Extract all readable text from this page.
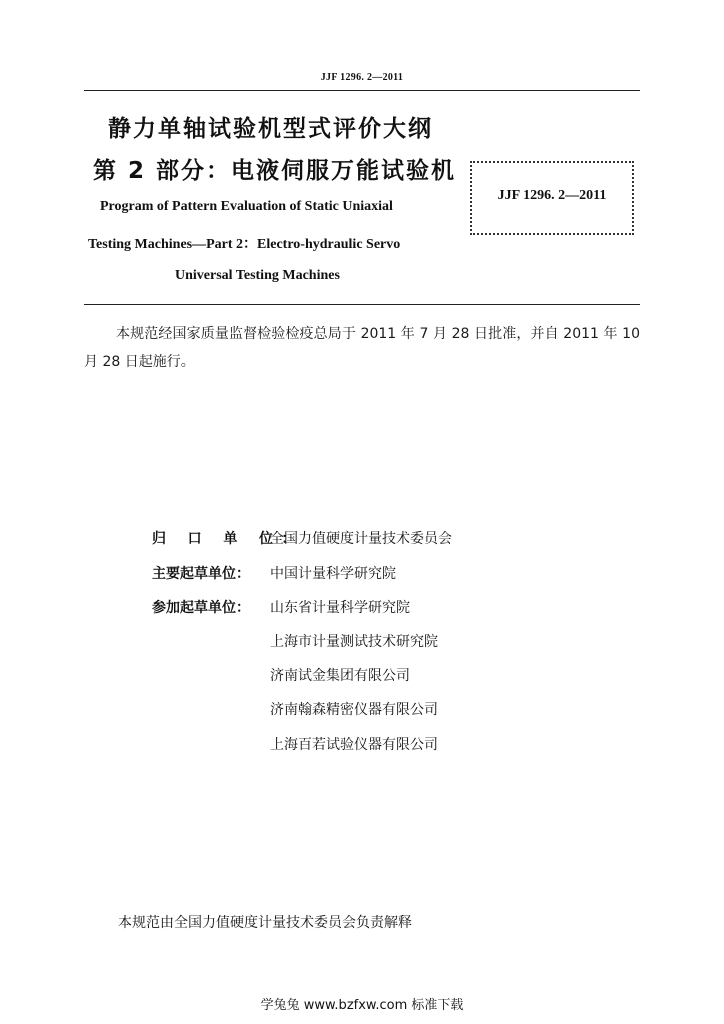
JJF 1296. 2—2011
静力单轴试验机型式评价大纲
第 2 部分：电液伺服万能试验机
JJF 1296. 2—2011
Program of Pattern Evaluation of Static Uniaxial
Testing Machines—Part 2：Electro-hydraulic Servo
Universal Testing Machines
本规范经国家质量监督检验检疫总局于 2011 年 7 月 28 日批准，并自 2011 年 10 月 28 日起施行。
归 口 单 位：全国力值硬度计量技术委员会
主要起草单位： 中国计量科学研究院
参加起草单位： 山东省计量科学研究院
上海市计量测试技术研究院
济南试金集团有限公司
济南翰森精密仪器有限公司
上海百若试验仪器有限公司
本规范由全国力值硬度计量技术委员会负责解释
学兔兔 www.bzfxw.com 标准下载
